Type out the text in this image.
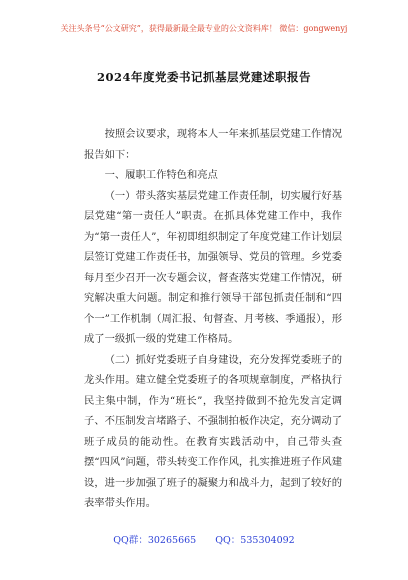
关注头条号“公文研究”，获得最新最全最专业的公文资料库！ 微信：gongwenyj
2024年度党委书记抓基层党建述职报告

按照会议要求，现将本人一年来抓基层党建工作情况报告如下：

一、履职工作特色和亮点

（一）带头落实基层党建工作责任制，切实履行好基层党建“第一责任人”职责。在抓具体党建工作中，我作为“第一责任人”，年初即组织制定了年度党建工作计划层层签订党建工作责任书，加强领导、党员的管理。乡党委每月至少召开一次专题会议，督查落实党建工作情况，研究解决重大问题。制定和推行领导干部包抓责任制和“四个一”工作机制（周汇报、旬督查、月考核、季通报），形成了一级抓一级的党建工作格局。

（二）抓好党委班子自身建设，充分发挥党委班子的龙头作用。建立健全党委班子的各项规章制度，严格执行民主集中制，作为“班长”，我坚持做到不抢先发言定调子、不压制发言堵路子、不强制拍板作决定，充分调动了班子成员的能动性。在教育实践活动中，自己带头查摆“四风”问题，带头转变工作作风，扎实推进班子作风建设，进一步加强了班子的凝聚力和战斗力，起到了较好的表率带头作用。

QQ群：30265665 QQ：535304092
